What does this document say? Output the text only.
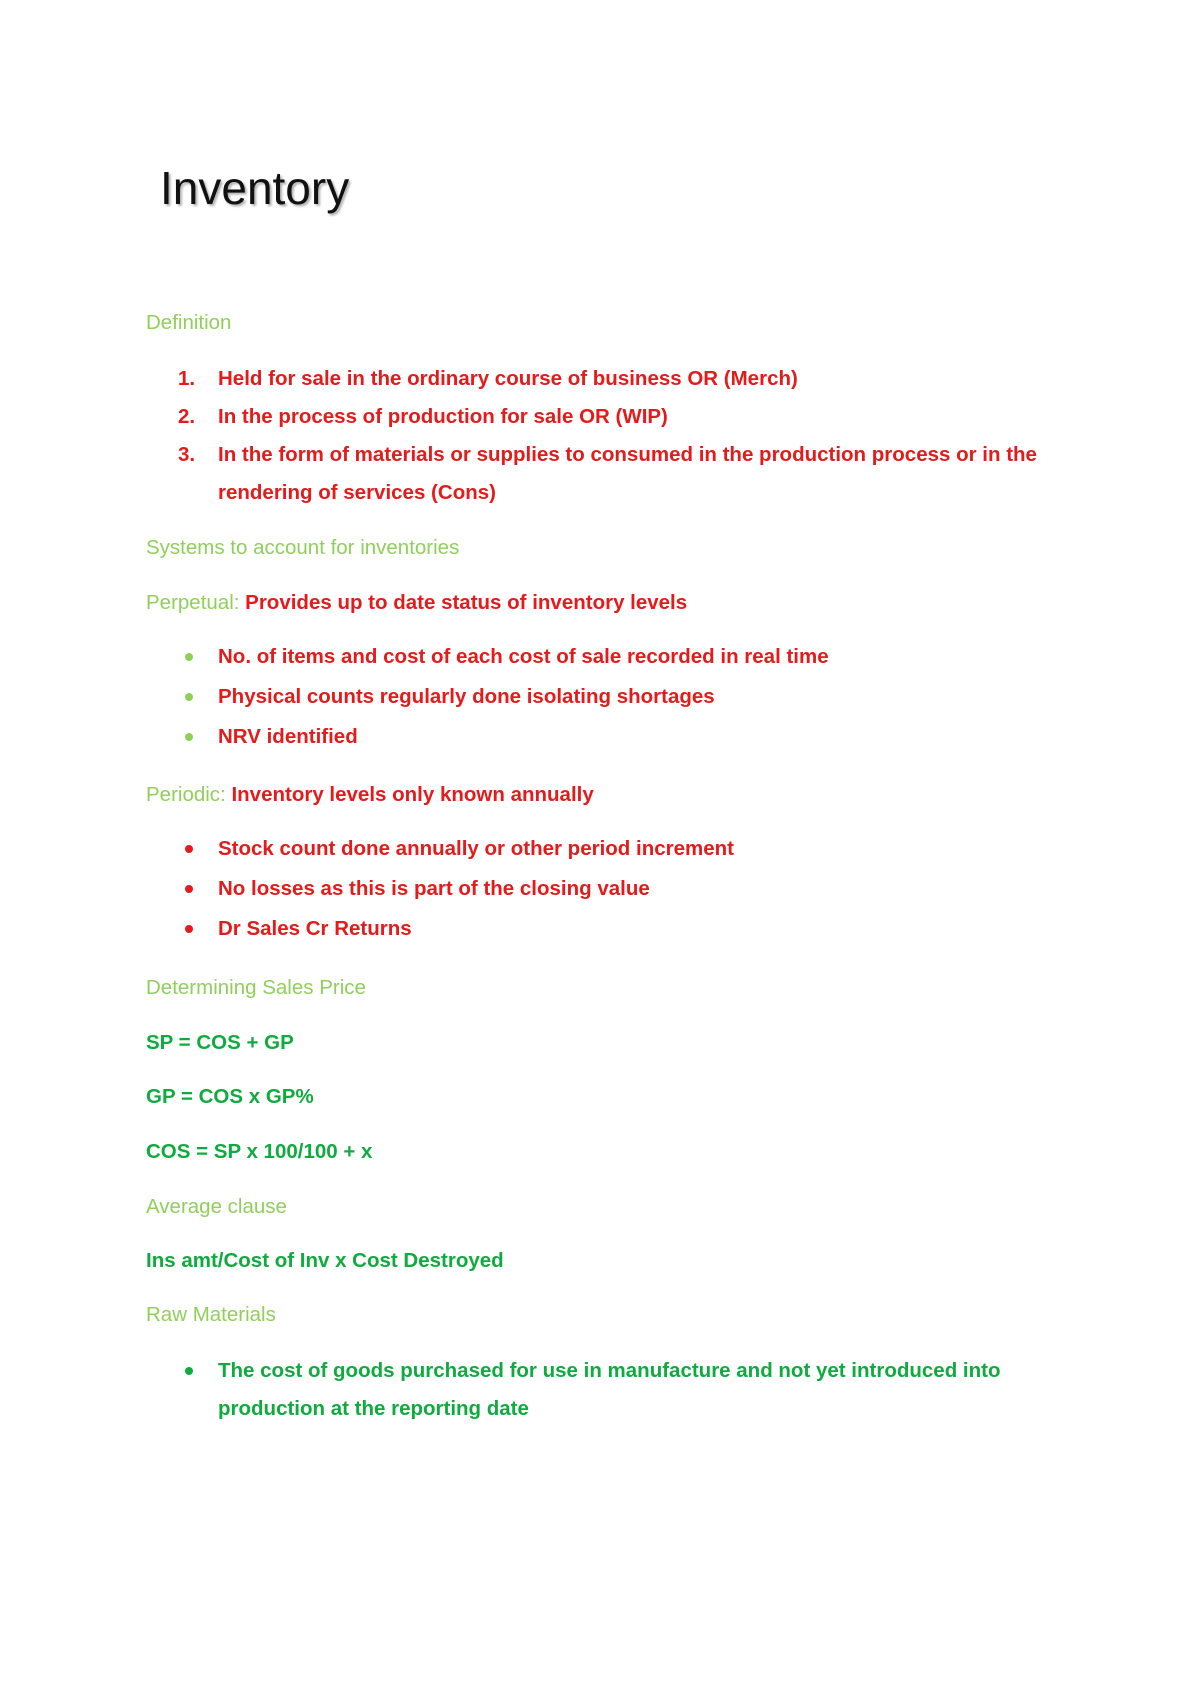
Inventory
Definition
1.	Held for sale in the ordinary course of business OR (Merch)
2.	In the process of production for sale OR (WIP)
3.	In the form of materials or supplies to consumed in the production process or in the rendering of services (Cons)
Systems to account for inventories
Perpetual: Provides up to date status of inventory levels
No. of items and cost of each cost of sale recorded in real time
Physical counts regularly done isolating shortages
NRV identified
Periodic: Inventory levels only known annually
Stock count done annually or other period increment
No losses as this is part of the closing value
Dr Sales Cr Returns
Determining Sales Price
SP = COS + GP
GP = COS x GP%
COS = SP x 100/100 + x
Average clause
Ins amt/Cost of Inv x Cost Destroyed
Raw Materials
The cost of goods purchased for use in manufacture and not yet introduced into production at the reporting date
